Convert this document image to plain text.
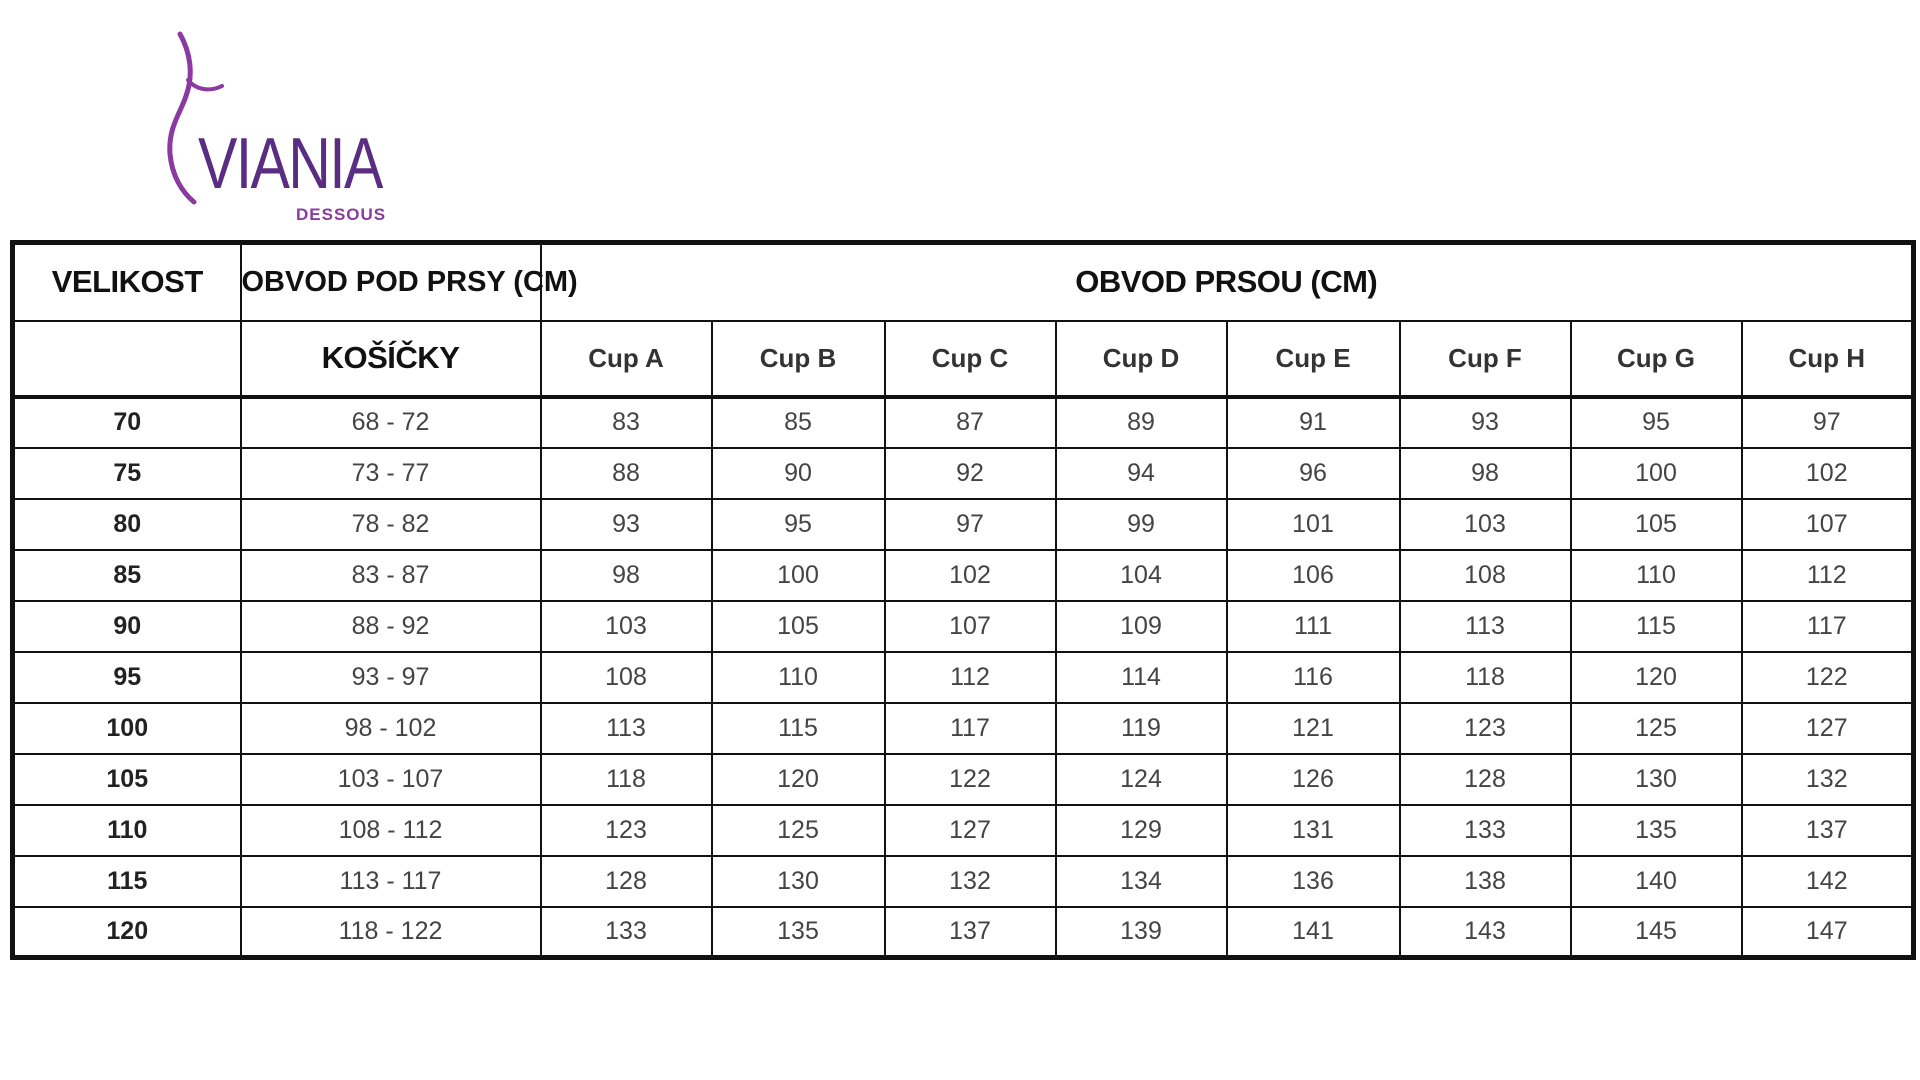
VIANIA
DESSOUS
VELIKOST	OBVOD POD PRSY (CM)	OBVOD PRSOU (CM)							
	KOŠÍČKY	Cup A	Cup B	Cup C	Cup D	Cup E	Cup F	Cup G	Cup H
70	68 - 72	83	85	87	89	91	93	95	97
75	73 - 77	88	90	92	94	96	98	100	102
80	78 - 82	93	95	97	99	101	103	105	107
85	83 - 87	98	100	102	104	106	108	110	112
90	88 - 92	103	105	107	109	111	113	115	117
95	93 - 97	108	110	112	114	116	118	120	122
100	98 - 102	113	115	117	119	121	123	125	127
105	103 - 107	118	120	122	124	126	128	130	132
110	108 - 112	123	125	127	129	131	133	135	137
115	113 - 117	128	130	132	134	136	138	140	142
120	118 - 122	133	135	137	139	141	143	145	147
